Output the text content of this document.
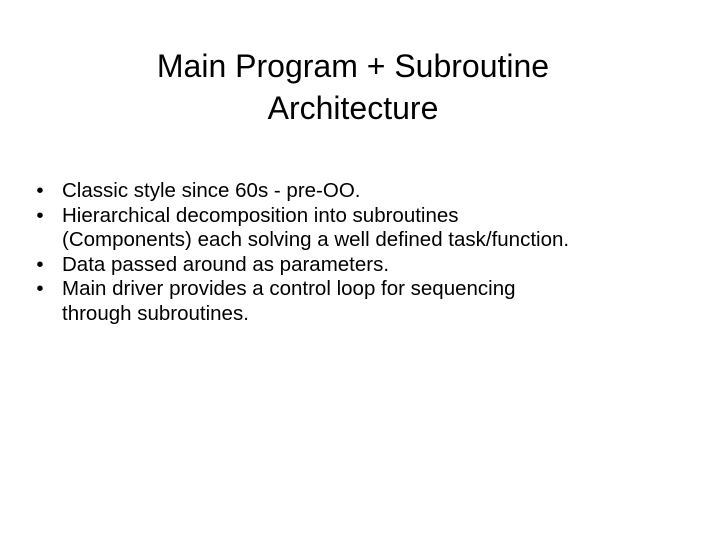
Main Program + Subroutine
Architecture
• Classic style since 60s - pre-OO.
• Hierarchical decomposition into subroutines
(Components) each solving a well defined task/function.
• Data passed around as parameters.
• Main driver provides a control loop for sequencing
through subroutines.
